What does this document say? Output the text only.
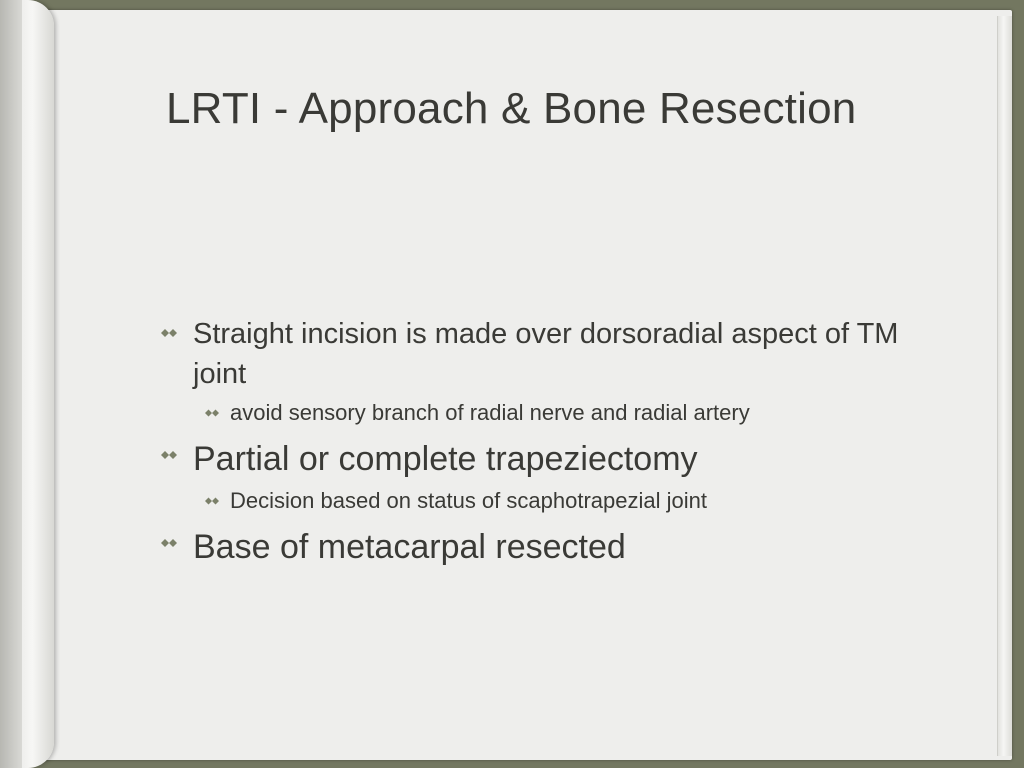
LRTI - Approach & Bone Resection
Straight incision is made over dorsoradial aspect of TM joint
avoid sensory branch of radial nerve and radial artery
Partial or complete trapeziectomy
Decision based on status of scaphotrapezial joint
Base of metacarpal resected
